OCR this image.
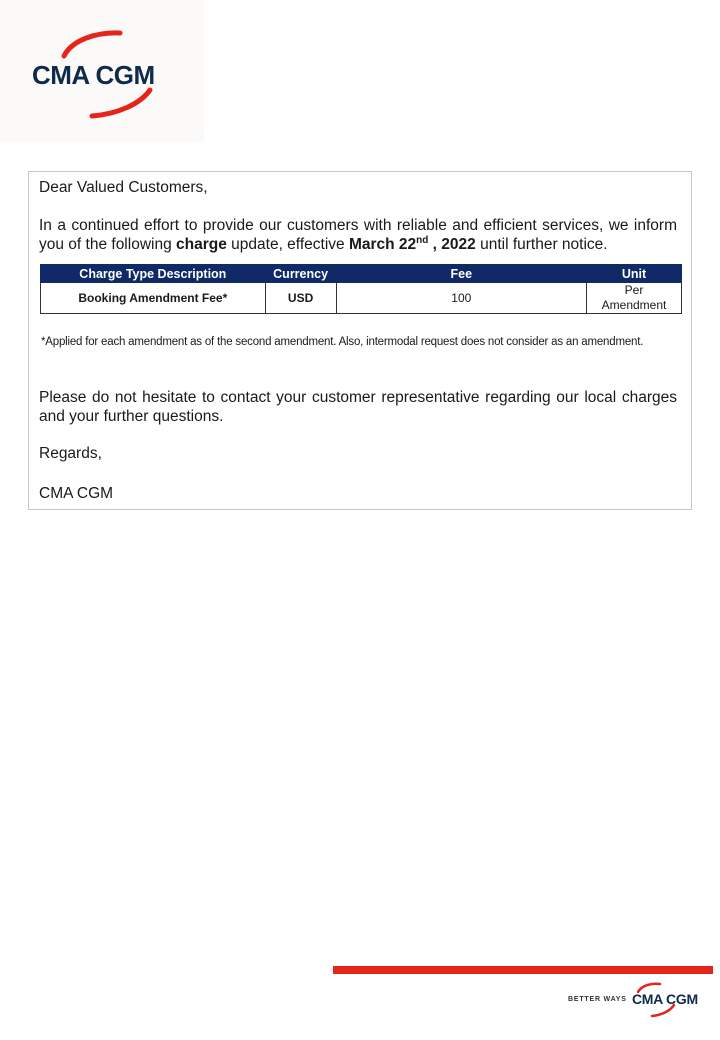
CMA CGM
Dear Valued Customers,
In a continued effort to provide our customers with reliable and efficient services, we inform you of the following charge update, effective March 22nd , 2022 until further notice.
Charge Type Description	Currency	Fee	Unit
Booking Amendment Fee*	USD	100	Per
Amendment
*Applied for each amendment as of the second amendment. Also, intermodal request does not consider as an amendment.
Please do not hesitate to contact your customer representative regarding our local charges and your further questions.
Regards,
CMA CGM
BETTER WAYS CMA CGM
